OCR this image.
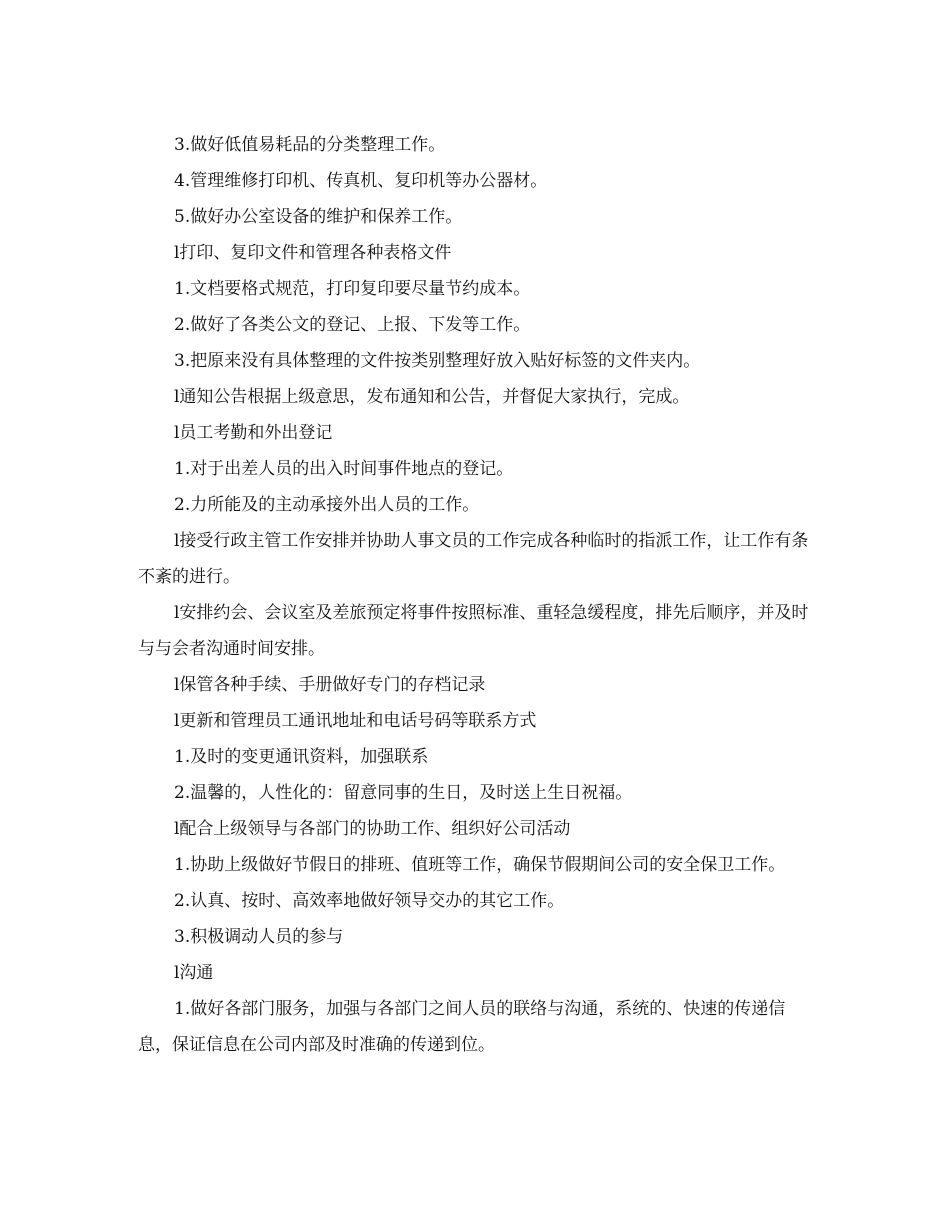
3.做好低值易耗品的分类整理工作。

4.管理维修打印机、传真机、复印机等办公器材。

5.做好办公室设备的维护和保养工作。

l打印、复印文件和管理各种表格文件

1.文档要格式规范，打印复印要尽量节约成本。

2.做好了各类公文的登记、上报、下发等工作。

3.把原来没有具体整理的文件按类别整理好放入贴好标签的文件夹内。

l通知公告根据上级意思，发布通知和公告，并督促大家执行，完成。

l员工考勤和外出登记

1.对于出差人员的出入时间事件地点的登记。

2.力所能及的主动承接外出人员的工作。

l接受行政主管工作安排并协助人事文员的工作完成各种临时的指派工作，让工作有条不紊的进行。

l安排约会、会议室及差旅预定将事件按照标准、重轻急缓程度，排先后顺序，并及时与与会者沟通时间安排。

l保管各种手续、手册做好专门的存档记录

l更新和管理员工通讯地址和电话号码等联系方式

1.及时的变更通讯资料，加强联系

2.温馨的，人性化的：留意同事的生日，及时送上生日祝福。

l配合上级领导与各部门的协助工作、组织好公司活动

1.协助上级做好节假日的排班、值班等工作，确保节假期间公司的安全保卫工作。

2.认真、按时、高效率地做好领导交办的其它工作。

3.积极调动人员的参与

l沟通

1.做好各部门服务，加强与各部门之间人员的联络与沟通，系统的、快速的传递信息，保证信息在公司内部及时准确的传递到位。
